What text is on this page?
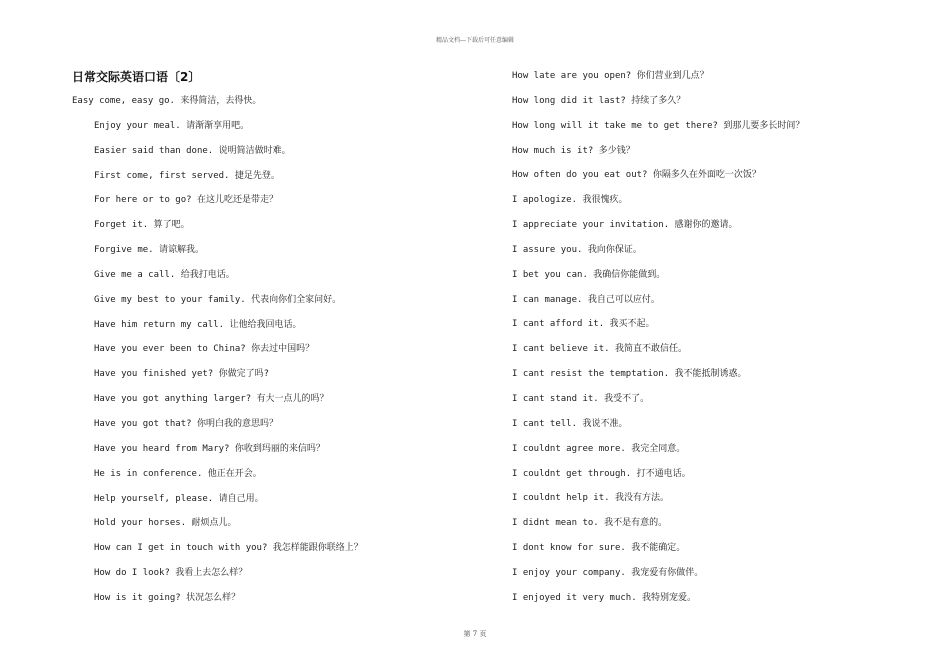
精品文档---下载后可任意编辑
日常交际英语口语〔2〕
Easy come, easy go. 来得简洁，去得快。
Enjoy your meal. 请渐渐享用吧。
Easier said than done. 说明简洁做时难。
First come, first served. 捷足先登。
For here or to go? 在这儿吃还是带走？
Forget it. 算了吧。
Forgive me. 请谅解我。
Give me a call. 给我打电话。
Give my best to your family. 代表向你们全家问好。
Have him return my call. 让他给我回电话。
Have you ever been to China? 你去过中国吗？
Have you finished yet? 你做完了吗?
Have you got anything larger? 有大一点儿的吗？
Have you got that? 你明白我的意思吗？
Have you heard from Mary? 你收到玛丽的来信吗？
He is in conference. 他正在开会。
Help yourself, please. 请自己用。
Hold your horses. 耐烦点儿。
How can I get in touch with you? 我怎样能跟你联络上？
How do I look? 我看上去怎么样？
How is it going? 状况怎么样？
How late are you open? 你们营业到几点？
How long did it last? 持续了多久？
How long will it take me to get there? 到那儿要多长时间？
How much is it? 多少钱？
How often do you eat out? 你隔多久在外面吃一次饭？
I apologize. 我很愧疚。
I appreciate your invitation. 感谢你的邀请。
I assure you. 我向你保证。
I bet you can. 我确信你能做到。
I can manage. 我自己可以应付。
I cant afford it. 我买不起。
I cant believe it. 我简直不敢信任。
I cant resist the temptation. 我不能抵制诱惑。
I cant stand it. 我受不了。
I cant tell. 我说不准。
I couldnt agree more. 我完全同意。
I couldnt get through. 打不通电话。
I couldnt help it. 我没有方法。
I didnt mean to. 我不是有意的。
I dont know for sure. 我不能确定。
I enjoy your company. 我宠爱有你做伴。
I enjoyed it very much. 我特别宠爱。
第 7 页
